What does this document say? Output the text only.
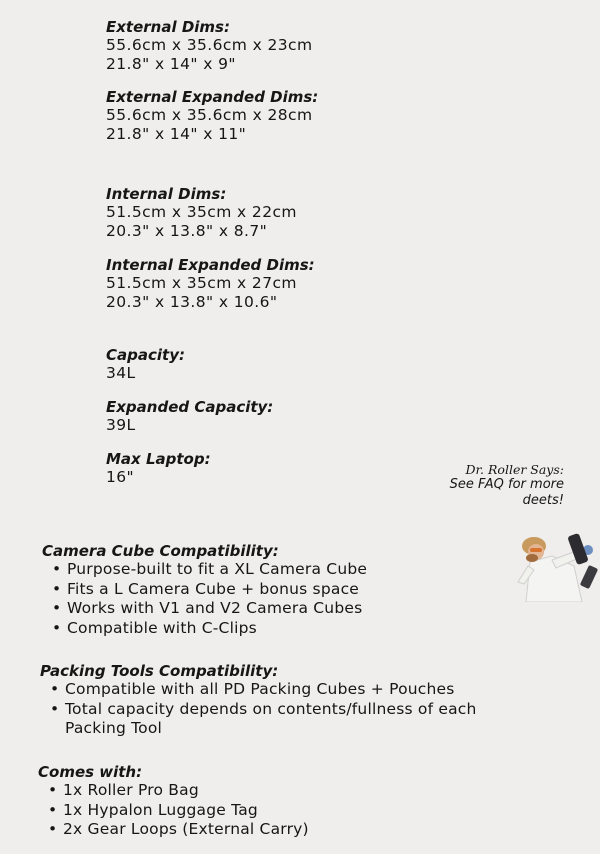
External Dims:
55.6cm x 35.6cm x 23cm
21.8" x 14" x 9"
External Expanded Dims:
55.6cm x 35.6cm x 28cm
21.8" x 14" x 11"
Internal Dims:
51.5cm x 35cm x 22cm
20.3" x 13.8" x 8.7"
Internal Expanded Dims:
51.5cm x 35cm x 27cm
20.3" x 13.8" x 10.6"
Capacity:
34L
Expanded Capacity:
39L
Max Laptop:
16"	Dr. Roller Says:
See FAQ for more deets!
Camera Cube Compatibility:
• Purpose-built to fit a XL Camera Cube
• Fits a L Camera Cube + bonus space
• Works with V1 and V2 Camera Cubes
• Compatible with C-Clips
Packing Tools Compatibility:
• Compatible with all PD Packing Cubes + Pouches
• Total capacity depends on contents/fullness of each Packing Tool
Comes with:
• 1x Roller Pro Bag
• 1x Hypalon Luggage Tag
• 2x Gear Loops (External Carry)
